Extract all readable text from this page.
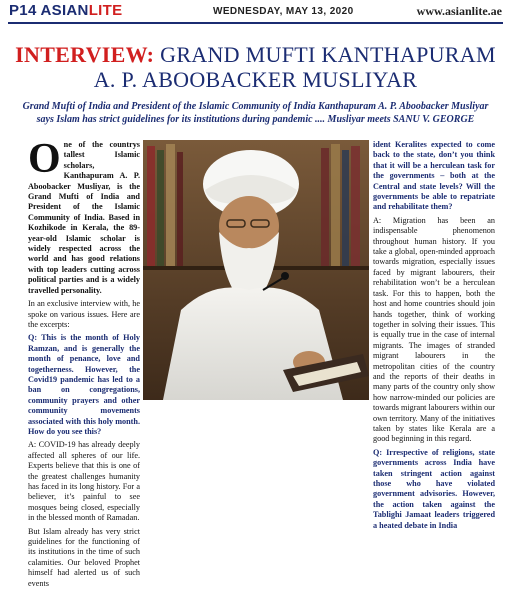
P14 ASIANLITE	WEDNESDAY, MAY 13, 2020	www.asianlite.ae
INTERVIEW: GRAND MUFTI KANTHAPURAM
A. P. ABOOBACKER MUSLIYAR
Grand Mufti of India and President of the Islamic Community of India Kanthapuram A. P. Aboobacker Musliyar says Islam has strict guidelines for its institutions during pandemic .... Musliyar meets SANU V. GEORGE

O ne of the countrys tallest Islamic scholars, Kanthapuram A. P. Aboobacker Musliyar, is the Grand Mufti of India and President of the Islamic Community of India. Based in Kozhikode in Kerala, the 89-year-old Islamic scholar is widely respected across the world and has good relations with top leaders cutting across political parties and is a widely travelled personality.

In an exclusive interview with, he spoke on various issues. Here are the excerpts:

Q: This is the month of Holy Ramzan, and is generally the month of penance, love and togetherness. However, the Covid19 pandemic has led to a ban on congregations, community prayers and other community movements associated with this holy month. How do you see this?

A: COVID-19 has already deeply affected all spheres of our life. Experts believe that this is one of the greatest challenges humanity has faced in its long history. For a believer, it’s painful to see mosques being closed, especially in the blessed month of Ramadan.

But Islam already has very strict guidelines for the functioning of its institutions in the time of such calamities. Our beloved Prophet himself had alerted us of such events

ident Keralites expected to come back to the state, don’t you think that it will be a herculean task for the governments – both at the Central and state levels? Will the governments be able to repatriate and rehabilitate them?

A: Migration has been an indispensable phenomenon throughout human history. If you take a global, open-minded approach towards migration, especially issues faced by migrant labourers, their rehabilitation won’t be a herculean task. For this to happen, both the host and home countries should join hands together, think of working together in solving their issues. This is equally true in the case of internal migrants. The images of stranded migrant labourers in the metropolitan cities of the country and the reports of their deaths in many parts of the country only show how narrow-minded our policies are towards migrant labourers within our own territory. Many of the initiatives taken by states like Kerala are a good beginning in this regard.

Q: Irrespective of religions, state governments across India have taken stringent action against those who have violated government advisories. However, the action taken against the Tablighi Jamaat leaders triggered a heated debate in India
